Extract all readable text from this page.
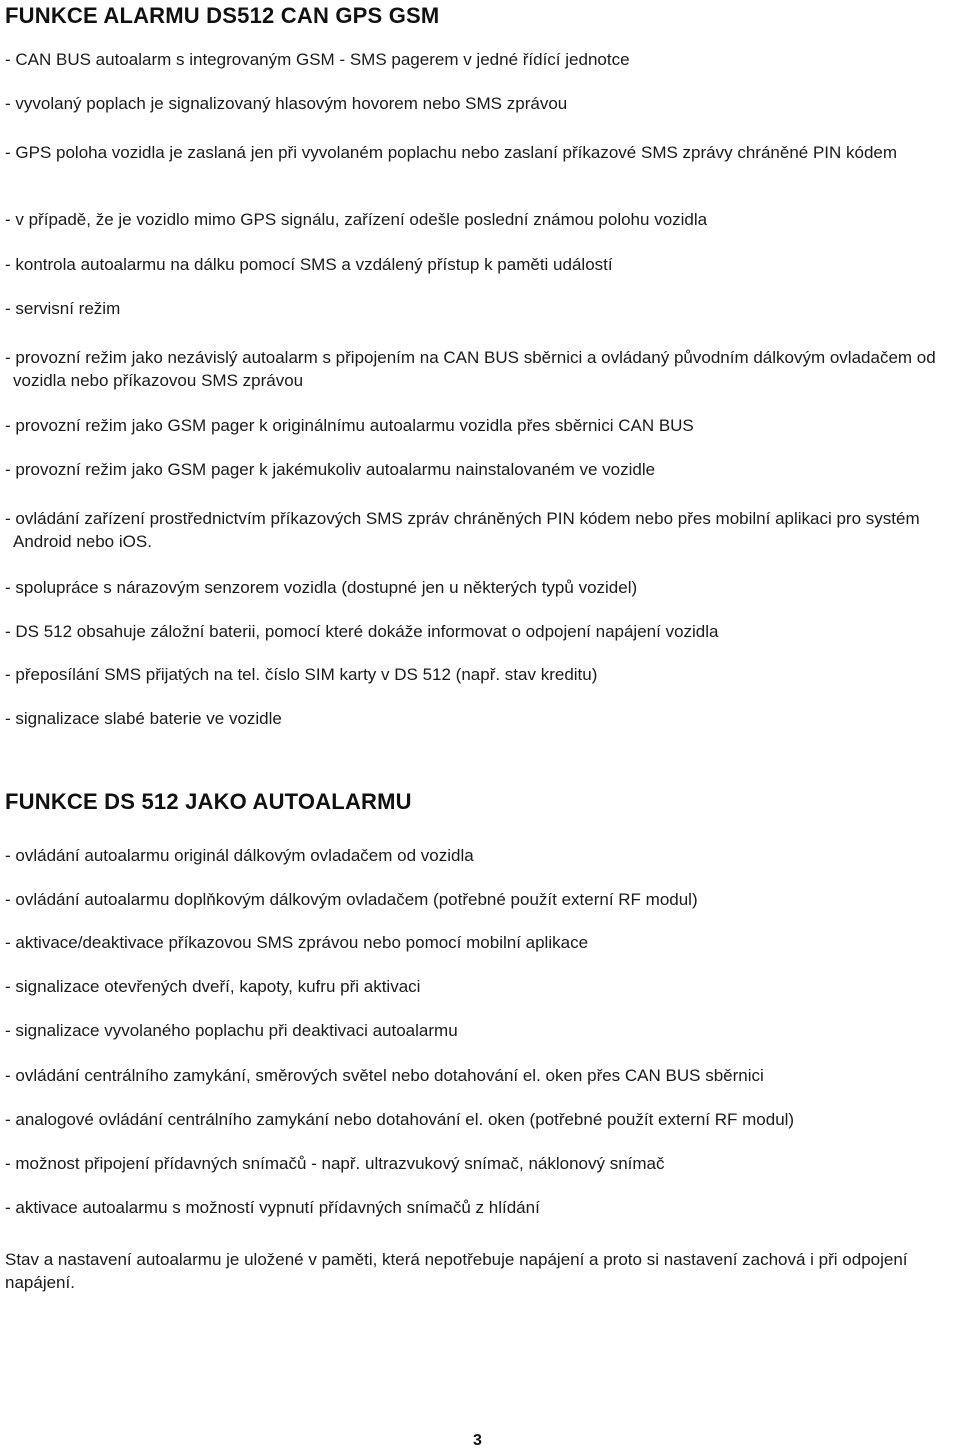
FUNKCE ALARMU DS512 CAN GPS GSM

- CAN BUS autoalarm s integrovaným GSM - SMS pagerem v jedné řídící jednotce

- vyvolaný poplach je signalizovaný hlasovým hovorem nebo SMS zprávou

- GPS poloha vozidla je zaslaná jen při vyvolaném poplachu nebo zaslaní příkazové SMS zprávy chráněné PIN kódem

- v případě, že je vozidlo mimo GPS signálu, zařízení odešle poslední známou polohu vozidla

- kontrola autoalarmu na dálku pomocí SMS a vzdálený přístup k paměti událostí

- servisní režim

- provozní režim jako nezávislý autoalarm s připojením na CAN BUS sběrnici a ovládaný původním dálkovým ovladačem od vozidla nebo příkazovou SMS zprávou

- provozní režim jako GSM pager k originálnímu autoalarmu vozidla přes sběrnici CAN BUS

- provozní režim jako GSM pager k jakémukoliv autoalarmu nainstalovaném ve vozidle

- ovládání zařízení prostřednictvím příkazových SMS zpráv chráněných PIN kódem nebo přes mobilní aplikaci pro systém Android nebo iOS.

- spolupráce s nárazovým senzorem vozidla (dostupné jen u některých typů vozidel)

- DS 512 obsahuje záložní baterii, pomocí které dokáže informovat o odpojení napájení vozidla

- přeposílání SMS přijatých na tel. číslo SIM karty v DS 512 (např. stav kreditu)

- signalizace slabé baterie ve vozidle

FUNKCE DS 512 JAKO AUTOALARMU

- ovládání autoalarmu originál dálkovým ovladačem od vozidla

- ovládání autoalarmu doplňkovým dálkovým ovladačem (potřebné použít externí RF modul)

- aktivace/deaktivace příkazovou SMS zprávou nebo pomocí mobilní aplikace

- signalizace otevřených dveří, kapoty, kufru při aktivaci

- signalizace vyvolaného poplachu při deaktivaci autoalarmu

- ovládání centrálního zamykání, směrových světel nebo dotahování el. oken přes CAN BUS sběrnici

- analogové ovládání centrálního zamykání nebo dotahování el. oken (potřebné použít externí RF modul)

- možnost připojení přídavných snímačů - např. ultrazvukový snímač, náklonový snímač

- aktivace autoalarmu s možností vypnutí přídavných snímačů z hlídání

Stav a nastavení autoalarmu je uložené v paměti, která nepotřebuje napájení a proto si nastavení zachová i při odpojení napájení.

3
